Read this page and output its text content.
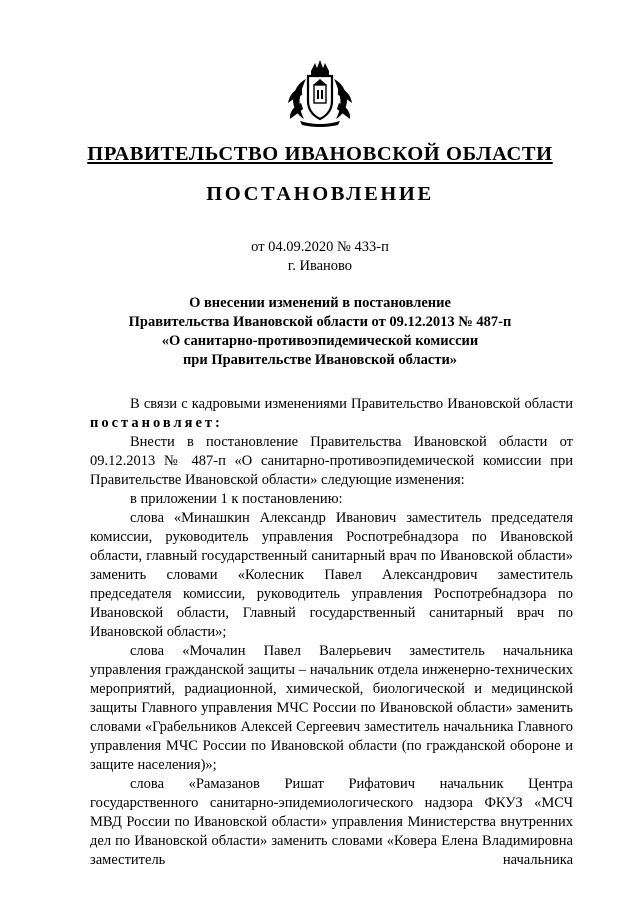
ПРАВИТЕЛЬСТВО ИВАНОВСКОЙ ОБЛАСТИ
ПОСТАНОВЛЕНИЕ
от 04.09.2020 № 433-п
г. Иваново
О внесении изменений в постановление
Правительства Ивановской области от 09.12.2013 № 487-п
«О санитарно-противоэпидемической комиссии
при Правительстве Ивановской области»

В связи с кадровыми изменениями Правительство Ивановской области постановляет:

Внести в постановление Правительства Ивановской области от 09.12.2013 № 487-п «О санитарно-противоэпидемической комиссии при Правительстве Ивановской области» следующие изменения:

в приложении 1 к постановлению:

слова «Минашкин Александр Иванович заместитель председателя комиссии, руководитель управления Роспотребнадзора по Ивановской области, главный государственный санитарный врач по Ивановской области» заменить словами «Колесник Павел Александрович заместитель председателя комиссии, руководитель управления Роспотребнадзора по Ивановской области, Главный государственный санитарный врач по Ивановской области»;

слова «Мочалин Павел Валерьевич заместитель начальника управления гражданской защиты – начальник отдела инженерно-технических мероприятий, радиационной, химической, биологической и медицинской защиты Главного управления МЧС России по Ивановской области» заменить словами «Грабельников Алексей Сергеевич заместитель начальника Главного управления МЧС России по Ивановской области (по гражданской обороне и защите населения)»;

слова «Рамазанов Ришат Рифатович начальник Центра государственного санитарно-эпидемиологического надзора ФКУЗ «МСЧ МВД России по Ивановской области» управления Министерства внутренних дел по Ивановской области» заменить словами «Ковера Елена Владимировна заместитель начальника
